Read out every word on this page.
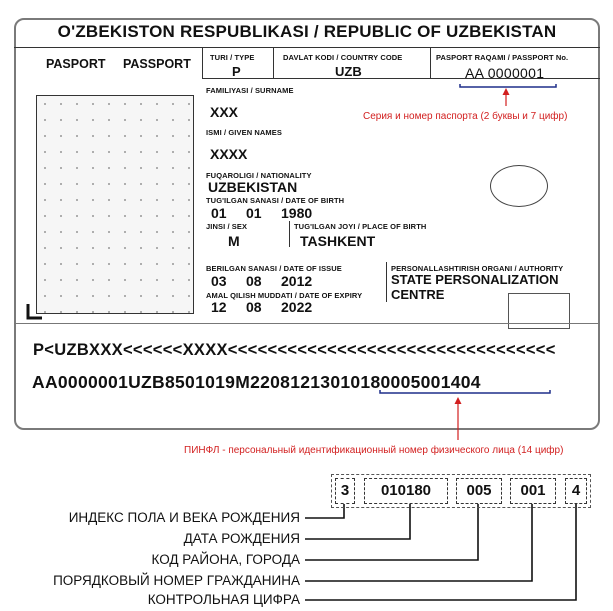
O'ZBEKISTON RESPUBLIKASI / REPUBLIC OF UZBEKISTAN
PASPORT PASSPORT	TURI / TYPE
P
DAVLAT KODI / COUNTRY CODE
UZB
PASPORT RAQAMI / PASSPORT No.
AA 0000001
FAMILIYASI / SURNAME
XXX
ISMI / GIVEN NAMES
XXXX
FUQAROLIGI / NATIONALITY
UZBEKISTAN
TUG'ILGAN SANASI / DATE OF BIRTH
01 01 1980
JINSI / SEX
M
TUG'ILGAN JOYI / PLACE OF BIRTH
TASHKENT
BERILGAN SANASI / DATE OF ISSUE
03 08 2012
AMAL QILISH MUDDATI / DATE OF EXPIRY
12 08 2022
PERSONALLASHTIRISH ORGANI / AUTHORITY
STATE PERSONALIZATION
CENTRE
P<UZBXXX<<<<<<XXXX<<<<<<<<<<<<<<<<<<<<<<<<<<<<<<<<<
AA0000001UZB8501019M2208121301018000500140​4
Серия и номер паспорта (2 буквы и 7 цифр)
ПИНФЛ - персональный идентификационный номер физического лица (14 цифр)
3	010180	005	001	4
ИНДЕКС ПОЛА И ВЕКА РОЖДЕНИЯ
ДАТА РОЖДЕНИЯ
КОД РАЙОНА, ГОРОДА
ПОРЯДКОВЫЙ НОМЕР ГРАЖДАНИНА
КОНТРОЛЬНАЯ ЦИФРА
